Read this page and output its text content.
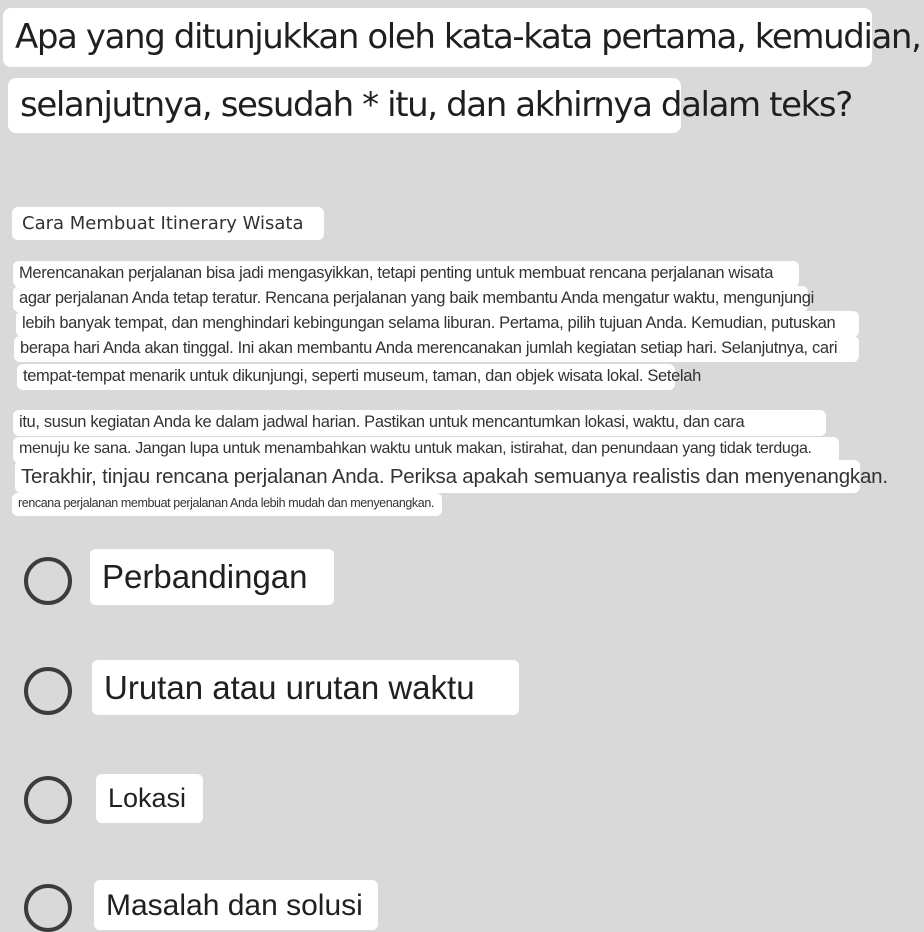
Apa yang ditunjukkan oleh kata-kata pertama, kemudian,
selanjutnya, sesudah * itu, dan akhirnya dalam teks?
Cara Membuat Itinerary Wisata
Merencanakan perjalanan bisa jadi mengasyikkan, tetapi penting untuk membuat rencana perjalanan wisata
agar perjalanan Anda tetap teratur. Rencana perjalanan yang baik membantu Anda mengatur waktu, mengunjungi
lebih banyak tempat, dan menghindari kebingungan selama liburan. Pertama, pilih tujuan Anda. Kemudian, putuskan
berapa hari Anda akan tinggal. Ini akan membantu Anda merencanakan jumlah kegiatan setiap hari. Selanjutnya, cari
tempat-tempat menarik untuk dikunjungi, seperti museum, taman, dan objek wisata lokal. Setelah
itu, susun kegiatan Anda ke dalam jadwal harian. Pastikan untuk mencantumkan lokasi, waktu, dan cara
menuju ke sana. Jangan lupa untuk menambahkan waktu untuk makan, istirahat, dan penundaan yang tidak terduga.
Terakhir, tinjau rencana perjalanan Anda. Periksa apakah semuanya realistis dan menyenangkan.
rencana perjalanan membuat perjalanan Anda lebih mudah dan menyenangkan.
Perbandingan
Urutan atau urutan waktu
Lokasi
Masalah dan solusi
